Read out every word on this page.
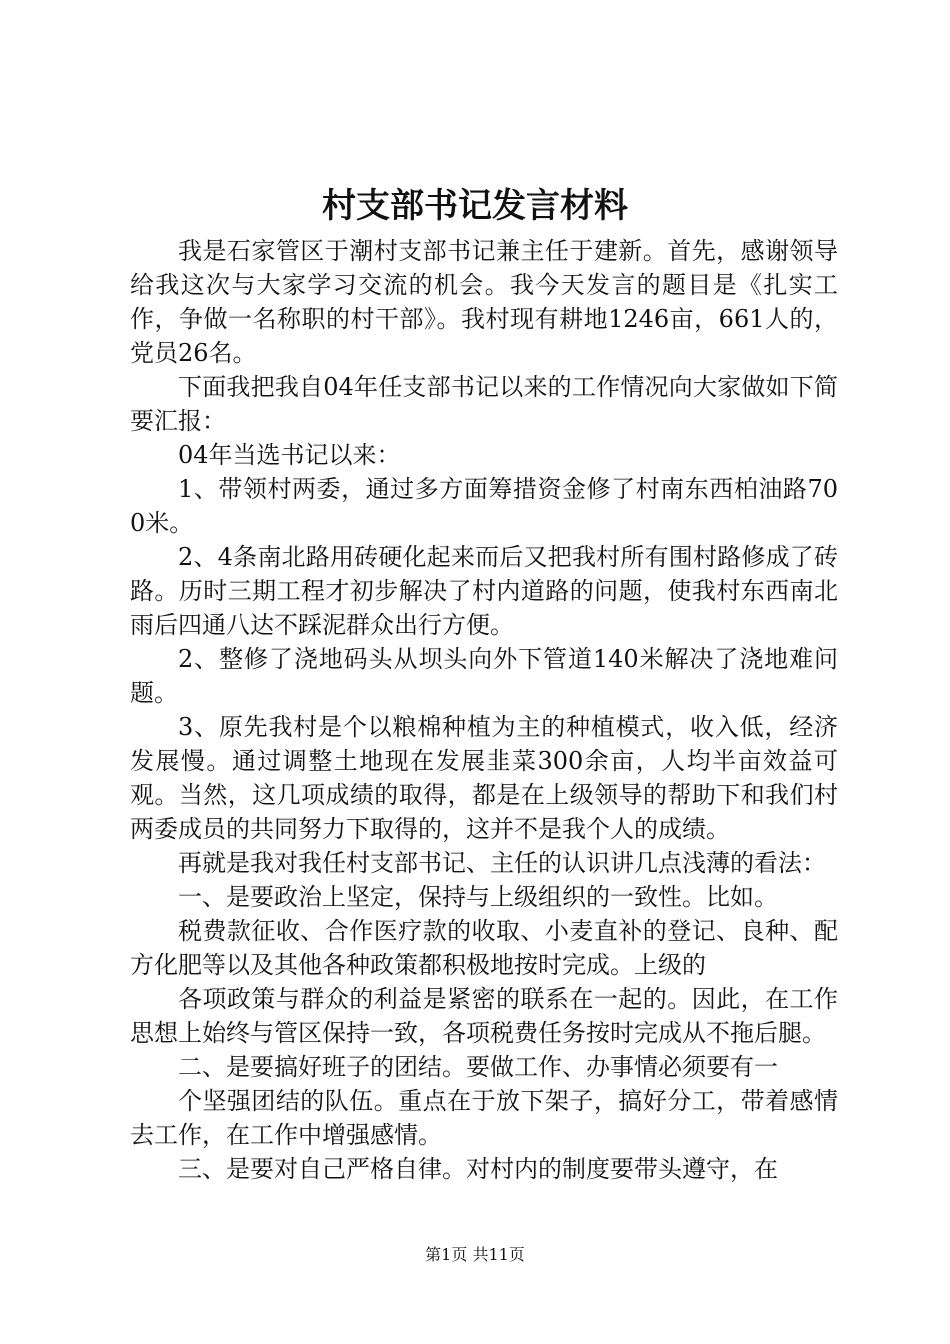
村支部书记发言材料

我是石家管区于潮村支部书记兼主任于建新。首先，感谢领导给我这次与大家学习交流的机会。我今天发言的题目是《扎实工作，争做一名称职的村干部》。我村现有耕地1246亩，661人的，党员26名。

下面我把我自04年任支部书记以来的工作情况向大家做如下简要汇报：

04年当选书记以来：

1、带领村两委，通过多方面筹措资金修了村南东西柏油路700米。

2、4条南北路用砖硬化起来而后又把我村所有围村路修成了砖路。历时三期工程才初步解决了村内道路的问题，使我村东西南北雨后四通八达不踩泥群众出行方便。

2、整修了浇地码头从坝头向外下管道140米解决了浇地难问题。

3、原先我村是个以粮棉种植为主的种植模式，收入低，经济发展慢。通过调整土地现在发展韭菜300余亩，人均半亩效益可观。当然，这几项成绩的取得，都是在上级领导的帮助下和我们村两委成员的共同努力下取得的，这并不是我个人的成绩。

再就是我对我任村支部书记、主任的认识讲几点浅薄的看法：

一、是要政治上坚定，保持与上级组织的一致性。比如。

税费款征收、合作医疗款的收取、小麦直补的登记、良种、配方化肥等以及其他各种政策都积极地按时完成。上级的

各项政策与群众的利益是紧密的联系在一起的。因此，在工作思想上始终与管区保持一致，各项税费任务按时完成从不拖后腿。

二、是要搞好班子的团结。要做工作、办事情必须要有一

个坚强团结的队伍。重点在于放下架子，搞好分工，带着感情去工作，在工作中增强感情。

三、是要对自己严格自律。对村内的制度要带头遵守，在

第1页 共11页
